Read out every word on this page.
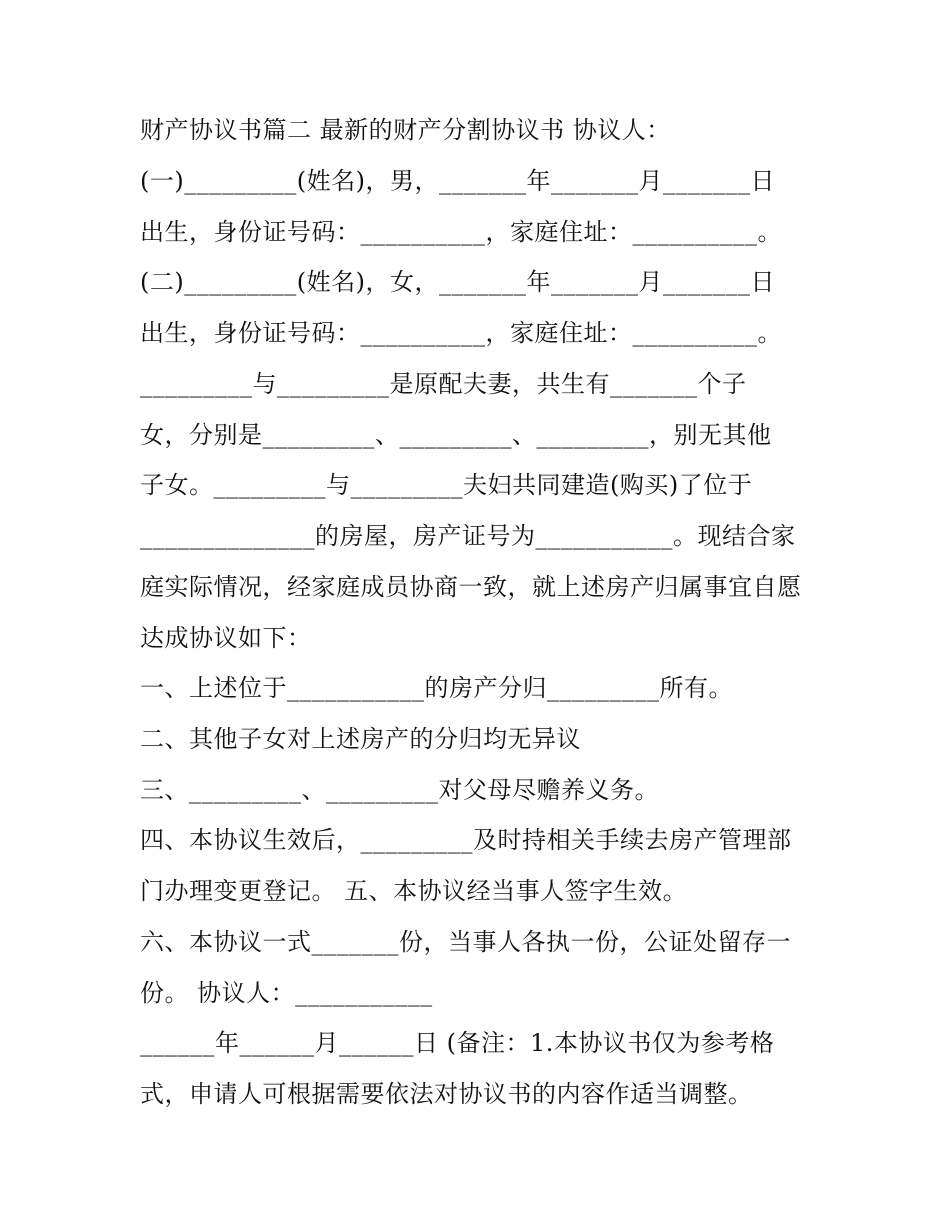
财产协议书篇二 最新的财产分割协议书 协议人：
(一)_________(姓名)，男，_______年_______月_______日
出生，身份证号码：__________，家庭住址：__________。
(二)_________(姓名)，女，_______年_______月_______日
出生，身份证号码：__________，家庭住址：__________。
_________与_________是原配夫妻，共生有_______个子
女，分别是_________、_________、_________，别无其他
子女。_________与_________夫妇共同建造(购买)了位于
______________的房屋，房产证号为___________。现结合家
庭实际情况，经家庭成员协商一致，就上述房产归属事宜自愿
达成协议如下：
一、上述位于___________的房产分归_________所有。
二、其他子女对上述房产的分归均无异议
三、_________、_________对父母尽赡养义务。
四、本协议生效后，_________及时持相关手续去房产管理部
门办理变更登记。 五、本协议经当事人签字生效。
六、本协议一式_______份，当事人各执一份，公证处留存一
份。 协议人：___________
______年______月______日 (备注：1.本协议书仅为参考格
式，申请人可根据需要依法对协议书的内容作适当调整。
